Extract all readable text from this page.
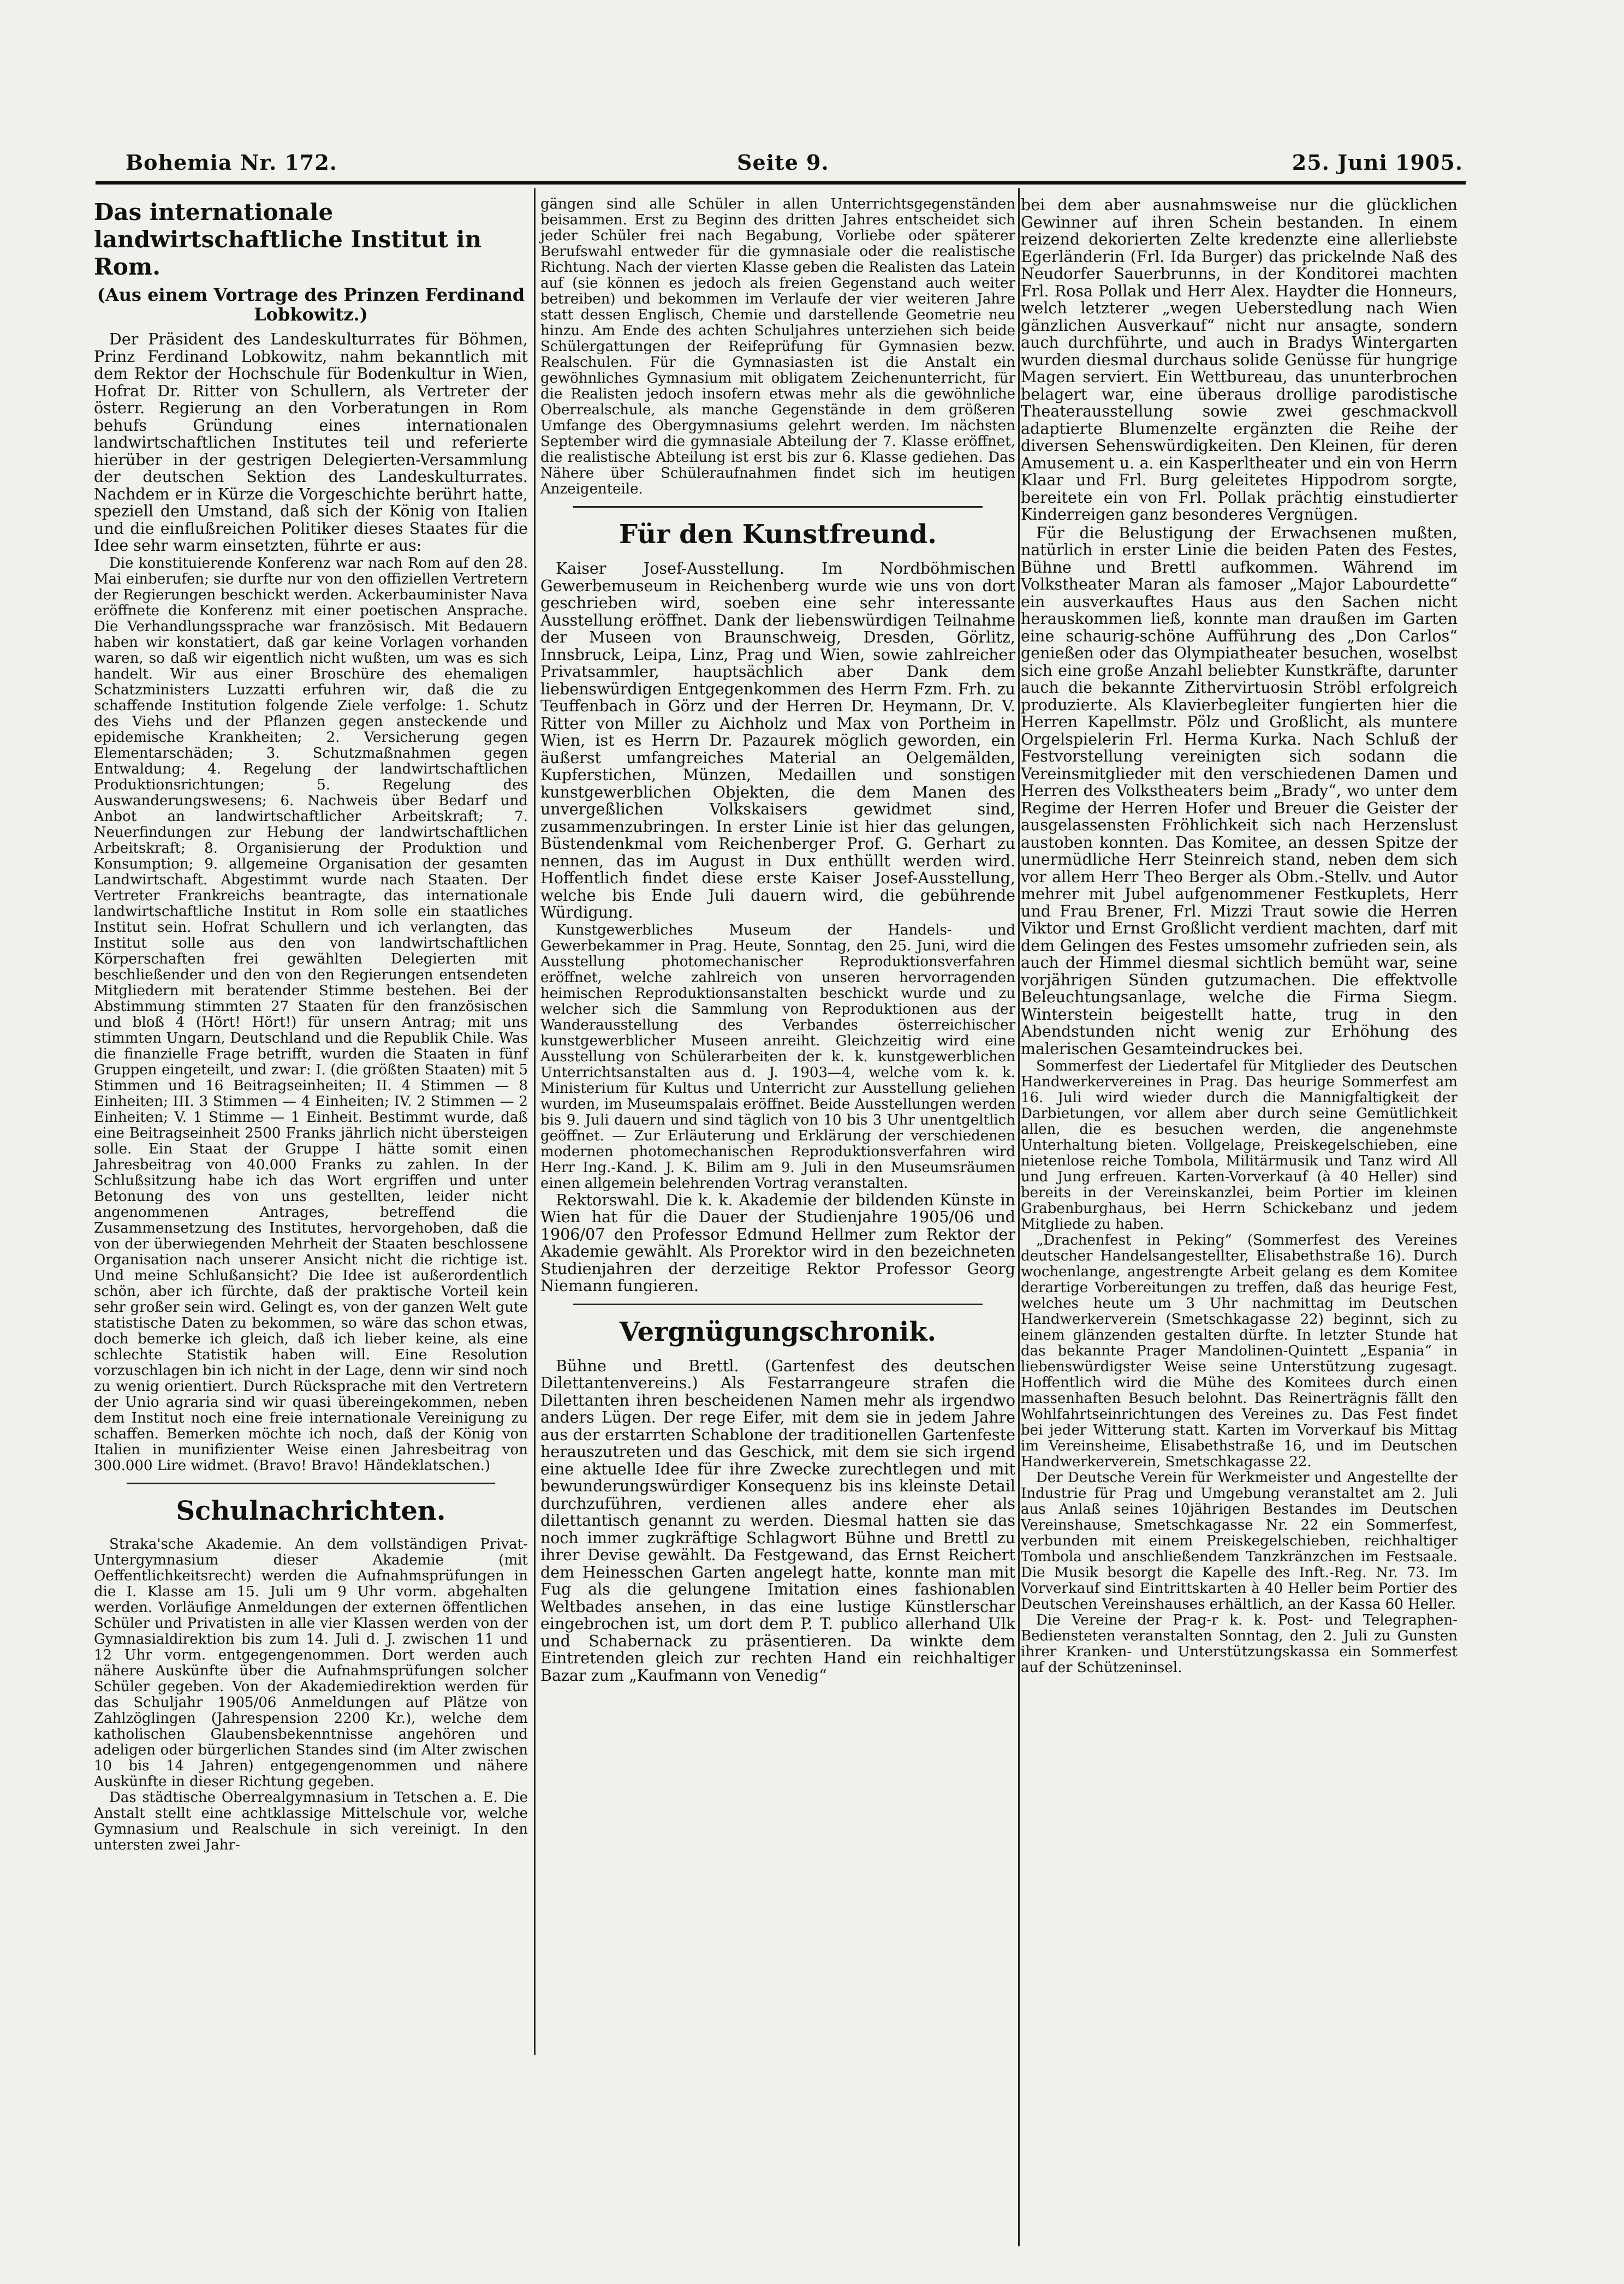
Bohemia Nr. 172.	Seite 9.	25. Juni 1905.
Das internationale landwirtschaftliche Institut in Rom.
(Aus einem Vortrage des Prinzen Ferdinand Lobkowitz.)

Der Präsident des Landeskulturrates für Böhmen, Prinz Ferdinand Lobkowitz, nahm bekanntlich mit dem Rektor der Hochschule für Bodenkultur in Wien, Hofrat Dr. Ritter von Schullern, als Vertreter der österr. Regierung an den Vorberatungen in Rom behufs Gründung eines internationalen landwirtschaftlichen Institutes teil und referierte hierüber in der gestrigen Delegierten-Versammlung der deutschen Sektion des Landeskulturrates. Nachdem er in Kürze die Vorgeschichte berührt hatte, speziell den Umstand, daß sich der König von Italien und die einflußreichen Politiker dieses Staates für die Idee sehr warm einsetzten, führte er aus:

Die konstituierende Konferenz war nach Rom auf den 28. Mai einberufen; sie durfte nur von den offiziellen Vertretern der Regierungen beschickt werden. Ackerbauminister Nava eröffnete die Konferenz mit einer poetischen Ansprache. Die Verhandlungssprache war französisch. Mit Bedauern haben wir konstatiert, daß gar keine Vorlagen vorhanden waren, so daß wir eigentlich nicht wußten, um was es sich handelt. Wir aus einer Broschüre des ehemaligen Schatzministers Luzzatti erfuhren wir, daß die zu schaffende Institution folgende Ziele verfolge: 1. Schutz des Viehs und der Pflanzen gegen ansteckende und epidemische Krankheiten; 2. Versicherung gegen Elementarschäden; 3. Schutzmaßnahmen gegen Entwaldung; 4. Regelung der landwirtschaftlichen Produktionsrichtungen; 5. Regelung des Auswanderungswesens; 6. Nachweis über Bedarf und Anbot an landwirtschaftlicher Arbeitskraft; 7. Neuerfindungen zur Hebung der landwirtschaftlichen Arbeitskraft; 8. Organisierung der Produktion und Konsumption; 9. allgemeine Organisation der gesamten Landwirtschaft. Abgestimmt wurde nach Staaten. Der Vertreter Frankreichs beantragte, das internationale landwirtschaftliche Institut in Rom solle ein staatliches Institut sein. Hofrat Schullern und ich verlangten, das Institut solle aus den von landwirtschaftlichen Körperschaften frei gewählten Delegierten mit beschließender und den von den Regierungen entsendeten Mitgliedern mit beratender Stimme bestehen. Bei der Abstimmung stimmten 27 Staaten für den französischen und bloß 4 (Hört! Hört!) für unsern Antrag; mit uns stimmten Ungarn, Deutschland und die Republik Chile. Was die finanzielle Frage betrifft, wurden die Staaten in fünf Gruppen eingeteilt, und zwar: I. (die größten Staaten) mit 5 Stimmen und 16 Beitragseinheiten; II. 4 Stimmen — 8 Einheiten; III. 3 Stimmen — 4 Einheiten; IV. 2 Stimmen — 2 Einheiten; V. 1 Stimme — 1 Einheit. Bestimmt wurde, daß eine Beitragseinheit 2500 Franks jährlich nicht übersteigen solle. Ein Staat der Gruppe I hätte somit einen Jahresbeitrag von 40.000 Franks zu zahlen. In der Schlußsitzung habe ich das Wort ergriffen und unter Betonung des von uns gestellten, leider nicht angenommenen Antrages, betreffend die Zusammensetzung des Institutes, hervorgehoben, daß die von der überwiegenden Mehrheit der Staaten beschlossene Organisation nach unserer Ansicht nicht die richtige ist. Und meine Schlußansicht? Die Idee ist außerordentlich schön, aber ich fürchte, daß der praktische Vorteil kein sehr großer sein wird. Gelingt es, von der ganzen Welt gute statistische Daten zu bekommen, so wäre das schon etwas, doch bemerke ich gleich, daß ich lieber keine, als eine schlechte Statistik haben will. Eine Resolution vorzuschlagen bin ich nicht in der Lage, denn wir sind noch zu wenig orientiert. Durch Rücksprache mit den Vertretern der Unio agraria sind wir quasi übereingekommen, neben dem Institut noch eine freie internationale Vereinigung zu schaffen. Bemerken möchte ich noch, daß der König von Italien in munifizienter Weise einen Jahresbeitrag von 300.000 Lire widmet. (Bravo! Bravo! Händeklatschen.)

Schulnachrichten.

Straka'sche Akademie. An dem vollständigen Privat-Untergymnasium dieser Akademie (mit Oeffentlichkeitsrecht) werden die Aufnahmsprüfungen in die I. Klasse am 15. Juli um 9 Uhr vorm. abgehalten werden. Vorläufige Anmeldungen der externen öffentlichen Schüler und Privatisten in alle vier Klassen werden von der Gymnasialdirektion bis zum 14. Juli d. J. zwischen 11 und 12 Uhr vorm. entgegengenommen. Dort werden auch nähere Auskünfte über die Aufnahmsprüfungen solcher Schüler gegeben. Von der Akademiedirektion werden für das Schuljahr 1905/06 Anmeldungen auf Plätze von Zahlzöglingen (Jahrespension 2200 Kr.), welche dem katholischen Glaubensbekenntnisse angehören und adeligen oder bürgerlichen Standes sind (im Alter zwischen 10 bis 14 Jahren) entgegengenommen und nähere Auskünfte in dieser Richtung gegeben.

Das städtische Oberrealgymnasium in Tetschen a. E. Die Anstalt stellt eine achtklassige Mittelschule vor, welche Gymnasium und Realschule in sich vereinigt. In den untersten zwei Jahr-

gängen sind alle Schüler in allen Unterrichtsgegenständen beisammen. Erst zu Beginn des dritten Jahres entscheidet sich jeder Schüler frei nach Begabung, Vorliebe oder späterer Berufswahl entweder für die gymnasiale oder die realistische Richtung. Nach der vierten Klasse geben die Realisten das Latein auf (sie können es jedoch als freien Gegenstand auch weiter betreiben) und bekommen im Verlaufe der vier weiteren Jahre statt dessen Englisch, Chemie und darstellende Geometrie neu hinzu. Am Ende des achten Schuljahres unterziehen sich beide Schülergattungen der Reifeprüfung für Gymnasien bezw. Realschulen. Für die Gymnasiasten ist die Anstalt ein gewöhnliches Gymnasium mit obligatem Zeichenunterricht, für die Realisten jedoch insofern etwas mehr als die gewöhnliche Oberrealschule, als manche Gegenstände in dem größeren Umfange des Obergymnasiums gelehrt werden. Im nächsten September wird die gymnasiale Abteilung der 7. Klasse eröffnet, die realistische Abteilung ist erst bis zur 6. Klasse gediehen. Das Nähere über Schüleraufnahmen findet sich im heutigen Anzeigenteile.

Für den Kunstfreund.

Kaiser Josef-Ausstellung. Im Nordböhmischen Gewerbemuseum in Reichenberg wurde wie uns von dort geschrieben wird, soeben eine sehr interessante Ausstellung eröffnet. Dank der liebenswürdigen Teilnahme der Museen von Braunschweig, Dresden, Görlitz, Innsbruck, Leipa, Linz, Prag und Wien, sowie zahlreicher Privatsammler, hauptsächlich aber Dank dem liebenswürdigen Entgegenkommen des Herrn Fzm. Frh. zu Teuffenbach in Görz und der Herren Dr. Heymann, Dr. V. Ritter von Miller zu Aichholz und Max von Portheim in Wien, ist es Herrn Dr. Pazaurek möglich geworden, ein äußerst umfangreiches Material an Oelgemälden, Kupferstichen, Münzen, Medaillen und sonstigen kunstgewerblichen Objekten, die dem Manen des unvergeßlichen Volkskaisers gewidmet sind, zusammenzubringen. In erster Linie ist hier das gelungen, Büstendenkmal vom Reichenberger Prof. G. Gerhart zu nennen, das im August in Dux enthüllt werden wird. Hoffentlich findet diese erste Kaiser Josef-Ausstellung, welche bis Ende Juli dauern wird, die gebührende Würdigung.

Kunstgewerbliches Museum der Handels- und Gewerbekammer in Prag. Heute, Sonntag, den 25. Juni, wird die Ausstellung photomechanischer Reproduktionsverfahren eröffnet, welche zahlreich von unseren hervorragenden heimischen Reproduktionsanstalten beschickt wurde und zu welcher sich die Sammlung von Reproduktionen aus der Wanderausstellung des Verbandes österreichischer kunstgewerblicher Museen anreiht. Gleichzeitig wird eine Ausstellung von Schülerarbeiten der k. k. kunstgewerblichen Unterrichtsanstalten aus d. J. 1903—4, welche vom k. k. Ministerium für Kultus und Unterricht zur Ausstellung geliehen wurden, im Museumspalais eröffnet. Beide Ausstellungen werden bis 9. Juli dauern und sind täglich von 10 bis 3 Uhr unentgeltlich geöffnet. — Zur Erläuterung und Erklärung der verschiedenen modernen photomechanischen Reproduktionsverfahren wird Herr Ing.-Kand. J. K. Bilim am 9. Juli in den Museumsräumen einen allgemein belehrenden Vortrag veranstalten.

Rektorswahl. Die k. k. Akademie der bildenden Künste in Wien hat für die Dauer der Studienjahre 1905/06 und 1906/07 den Professor Edmund Hellmer zum Rektor der Akademie gewählt. Als Prorektor wird in den bezeichneten Studienjahren der derzeitige Rektor Professor Georg Niemann fungieren.

Vergnügungschronik.

Bühne und Brettl. (Gartenfest des deutschen Dilettantenvereins.) Als Festarrangeure strafen die Dilettanten ihren bescheidenen Namen mehr als irgendwo anders Lügen. Der rege Eifer, mit dem sie in jedem Jahre aus der erstarrten Schablone der traditionellen Gartenfeste herauszutreten und das Geschick, mit dem sie sich irgend eine aktuelle Idee für ihre Zwecke zurechtlegen und mit bewunderungswürdiger Konsequenz bis ins kleinste Detail durchzuführen, verdienen alles andere eher als dilettantisch genannt zu werden. Diesmal hatten sie das noch immer zugkräftige Schlagwort Bühne und Brettl zu ihrer Devise gewählt. Da Festgewand, das Ernst Reichert dem Heinesschen Garten angelegt hatte, konnte man mit Fug als die gelungene Imitation eines fashionablen Weltbades ansehen, in das eine lustige Künstlerschar eingebrochen ist, um dort dem P. T. publico allerhand Ulk und Schabernack zu präsentieren. Da winkte dem Eintretenden gleich zur rechten Hand ein reichhaltiger Bazar zum „Kaufmann von Venedig“

bei dem aber ausnahmsweise nur die glücklichen Gewinner auf ihren Schein bestanden. In einem reizend dekorierten Zelte kredenzte eine allerliebste Egerländerin (Frl. Ida Burger) das prickelnde Naß des Neudorfer Sauerbrunns, in der Konditorei machten Frl. Rosa Pollak und Herr Alex. Haydter die Honneurs, welch letzterer „wegen Ueberstedlung nach Wien gänzlichen Ausverkauf“ nicht nur ansagte, sondern auch durchführte, und auch in Bradys Wintergarten wurden diesmal durchaus solide Genüsse für hungrige Magen serviert. Ein Wettbureau, das ununterbrochen belagert war, eine überaus drollige parodistische Theaterausstellung sowie zwei geschmackvoll adaptierte Blumenzelte ergänzten die Reihe der diversen Sehenswürdigkeiten. Den Kleinen, für deren Amusement u. a. ein Kasperltheater und ein von Herrn Klaar und Frl. Burg geleitetes Hippodrom sorgte, bereitete ein von Frl. Pollak prächtig einstudierter Kinderreigen ganz besonderes Vergnügen.

Für die Belustigung der Erwachsenen mußten, natürlich in erster Linie die beiden Paten des Festes, Bühne und Brettl aufkommen. Während im Volkstheater Maran als famoser „Major Labourdette“ ein ausverkauftes Haus aus den Sachen nicht herauskommen ließ, konnte man draußen im Garten eine schaurig-schöne Aufführung des „Don Carlos“ genießen oder das Olympiatheater besuchen, woselbst sich eine große Anzahl beliebter Kunstkräfte, darunter auch die bekannte Zithervirtuosin Ströbl erfolgreich produzierte. Als Klavierbegleiter fungierten hier die Herren Kapellmstr. Pölz und Großlicht, als muntere Orgelspielerin Frl. Herma Kurka. Nach Schluß der Festvorstellung vereinigten sich sodann die Vereinsmitglieder mit den verschiedenen Damen und Herren des Volkstheaters beim „Brady“, wo unter dem Regime der Herren Hofer und Breuer die Geister der ausgelassensten Fröhlichkeit sich nach Herzenslust austoben konnten. Das Komitee, an dessen Spitze der unermüdliche Herr Steinreich stand, neben dem sich vor allem Herr Theo Berger als Obm.-Stellv. und Autor mehrer mit Jubel aufgenommener Festkuplets, Herr und Frau Brener, Frl. Mizzi Traut sowie die Herren Viktor und Ernst Großlicht verdient machten, darf mit dem Gelingen des Festes umsomehr zufrieden sein, als auch der Himmel diesmal sichtlich bemüht war, seine vorjährigen Sünden gutzumachen. Die effektvolle Beleuchtungsanlage, welche die Firma Siegm. Winterstein beigestellt hatte, trug in den Abendstunden nicht wenig zur Erhöhung des malerischen Gesamteindruckes bei.

Sommerfest der Liedertafel für Mitglieder des Deutschen Handwerkervereines in Prag. Das heurige Sommerfest am 16. Juli wird wieder durch die Mannigfaltigkeit der Darbietungen, vor allem aber durch seine Gemütlichkeit allen, die es besuchen werden, die angenehmste Unterhaltung bieten. Vollgelage, Preiskegelschieben, eine nietenlose reiche Tombola, Militärmusik und Tanz wird All und Jung erfreuen. Karten-Vorverkauf (à 40 Heller) sind bereits in der Vereinskanzlei, beim Portier im kleinen Grabenburghaus, bei Herrn Schickebanz und jedem Mitgliede zu haben.

„Drachenfest in Peking“ (Sommerfest des Vereines deutscher Handelsangestellter, Elisabethstraße 16). Durch wochenlange, angestrengte Arbeit gelang es dem Komitee derartige Vorbereitungen zu treffen, daß das heurige Fest, welches heute um 3 Uhr nachmittag im Deutschen Handwerkerverein (Smetschkagasse 22) beginnt, sich zu einem glänzenden gestalten dürfte. In letzter Stunde hat das bekannte Prager Mandolinen-Quintett „Espania“ in liebenswürdigster Weise seine Unterstützung zugesagt. Hoffentlich wird die Mühe des Komitees durch einen massenhaften Besuch belohnt. Das Reinerträgnis fällt den Wohlfahrtseinrichtungen des Vereines zu. Das Fest findet bei jeder Witterung statt. Karten im Vorverkauf bis Mittag im Vereinsheime, Elisabethstraße 16, und im Deutschen Handwerkerverein, Smetschkagasse 22.

Der Deutsche Verein für Werkmeister und Angestellte der Industrie für Prag und Umgebung veranstaltet am 2. Juli aus Anlaß seines 10jährigen Bestandes im Deutschen Vereinshause, Smetschkagasse Nr. 22 ein Sommerfest, verbunden mit einem Preiskegelschieben, reichhaltiger Tombola und anschließendem Tanzkränzchen im Festsaale. Die Musik besorgt die Kapelle des Inft.-Reg. Nr. 73. Im Vorverkauf sind Eintrittskarten à 40 Heller beim Portier des Deutschen Vereinshauses erhältlich, an der Kassa 60 Heller.

Die Vereine der Prag-r k. k. Post- und Telegraphen-Bediensteten veranstalten Sonntag, den 2. Juli zu Gunsten ihrer Kranken- und Unterstützungskassa ein Sommerfest auf der Schützeninsel.
